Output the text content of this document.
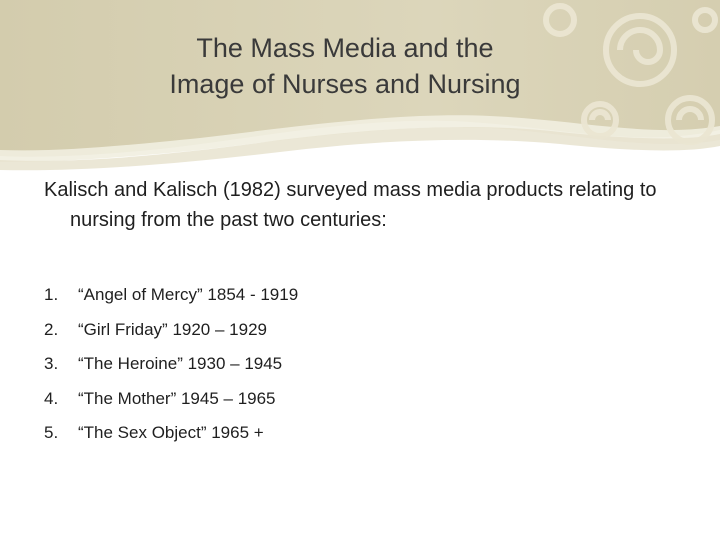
The Mass Media and the
Image of Nurses and Nursing
Kalisch and Kalisch (1982) surveyed mass media products relating to nursing from the past two centuries:
1. “Angel of Mercy” 1854 - 1919
2. “Girl Friday” 1920 – 1929
3. “The Heroine” 1930 – 1945
4. “The Mother” 1945 – 1965
5. “The Sex Object” 1965 +
